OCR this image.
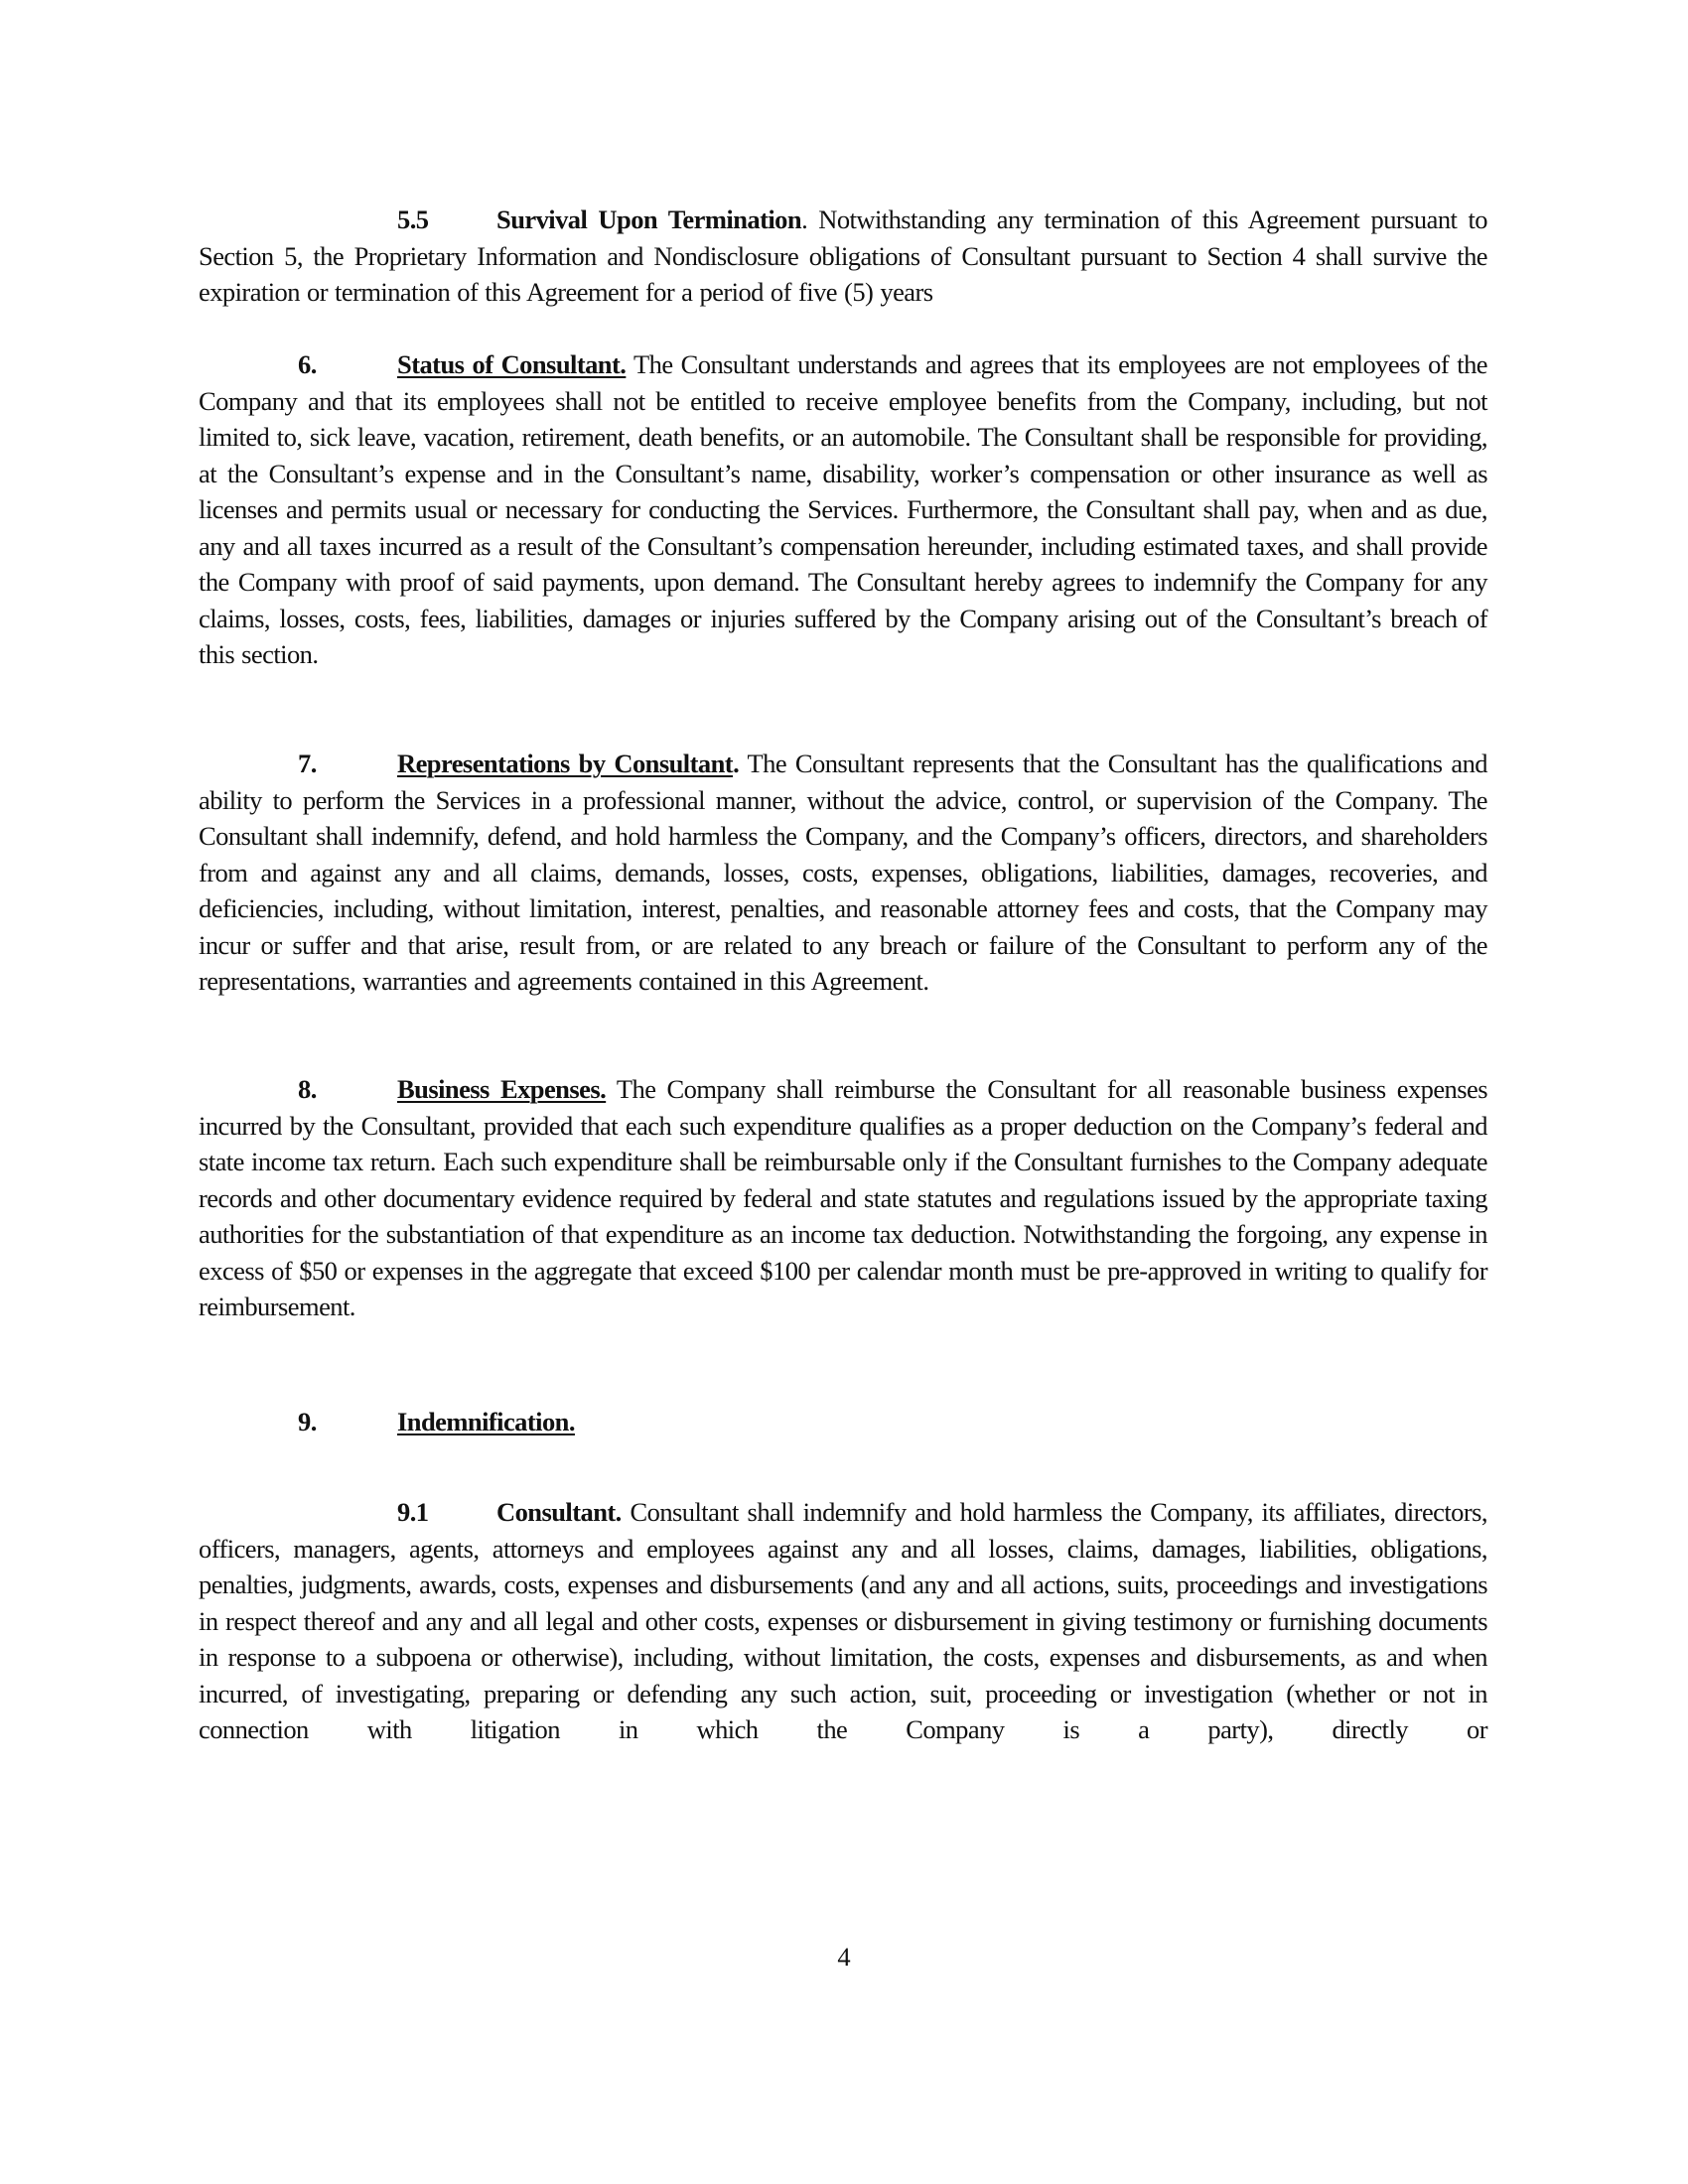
5.5	Survival Upon Termination. Notwithstanding any termination of this Agreement pursuant to Section 5, the Proprietary Information and Nondisclosure obligations of Consultant pursuant to Section 4 shall survive the expiration or termination of this Agreement for a period of five (5) years

6.	Status of Consultant. The Consultant understands and agrees that its employees are not employees of the Company and that its employees shall not be entitled to receive employee benefits from the Company, including, but not limited to, sick leave, vacation, retirement, death benefits, or an automobile. The Consultant shall be responsible for providing, at the Consultant’s expense and in the Consultant’s name, disability, worker’s compensation or other insurance as well as licenses and permits usual or necessary for conducting the Services. Furthermore, the Consultant shall pay, when and as due, any and all taxes incurred as a result of the Consultant’s compensation hereunder, including estimated taxes, and shall provide the Company with proof of said payments, upon demand. The Consultant hereby agrees to indemnify the Company for any claims, losses, costs, fees, liabilities, damages or injuries suffered by the Company arising out of the Consultant’s breach of this section.

7.	Representations by Consultant. The Consultant represents that the Consultant has the qualifications and ability to perform the Services in a professional manner, without the advice, control, or supervision of the Company. The Consultant shall indemnify, defend, and hold harmless the Company, and the Company’s officers, directors, and shareholders from and against any and all claims, demands, losses, costs, expenses, obligations, liabilities, damages, recoveries, and deficiencies, including, without limitation, interest, penalties, and reasonable attorney fees and costs, that the Company may incur or suffer and that arise, result from, or are related to any breach or failure of the Consultant to perform any of the representations, warranties and agreements contained in this Agreement.

8.	Business Expenses. The Company shall reimburse the Consultant for all reasonable business expenses incurred by the Consultant, provided that each such expenditure qualifies as a proper deduction on the Company’s federal and state income tax return. Each such expenditure shall be reimbursable only if the Consultant furnishes to the Company adequate records and other documentary evidence required by federal and state statutes and regulations issued by the appropriate taxing authorities for the substantiation of that expenditure as an income tax deduction. Notwithstanding the forgoing, any expense in excess of $50 or expenses in the aggregate that exceed $100 per calendar month must be pre-approved in writing to qualify for reimbursement.

9.	Indemnification.

9.1	Consultant. Consultant shall indemnify and hold harmless the Company, its affiliates, directors, officers, managers, agents, attorneys and employees against any and all losses, claims, damages, liabilities, obligations, penalties, judgments, awards, costs, expenses and disbursements (and any and all actions, suits, proceedings and investigations in respect thereof and any and all legal and other costs, expenses or disbursement in giving testimony or furnishing documents in response to a subpoena or otherwise), including, without limitation, the costs, expenses and disbursements, as and when incurred, of investigating, preparing or defending any such action, suit, proceeding or investigation (whether or not in connection with litigation in which the Company is a party), directly or

4
